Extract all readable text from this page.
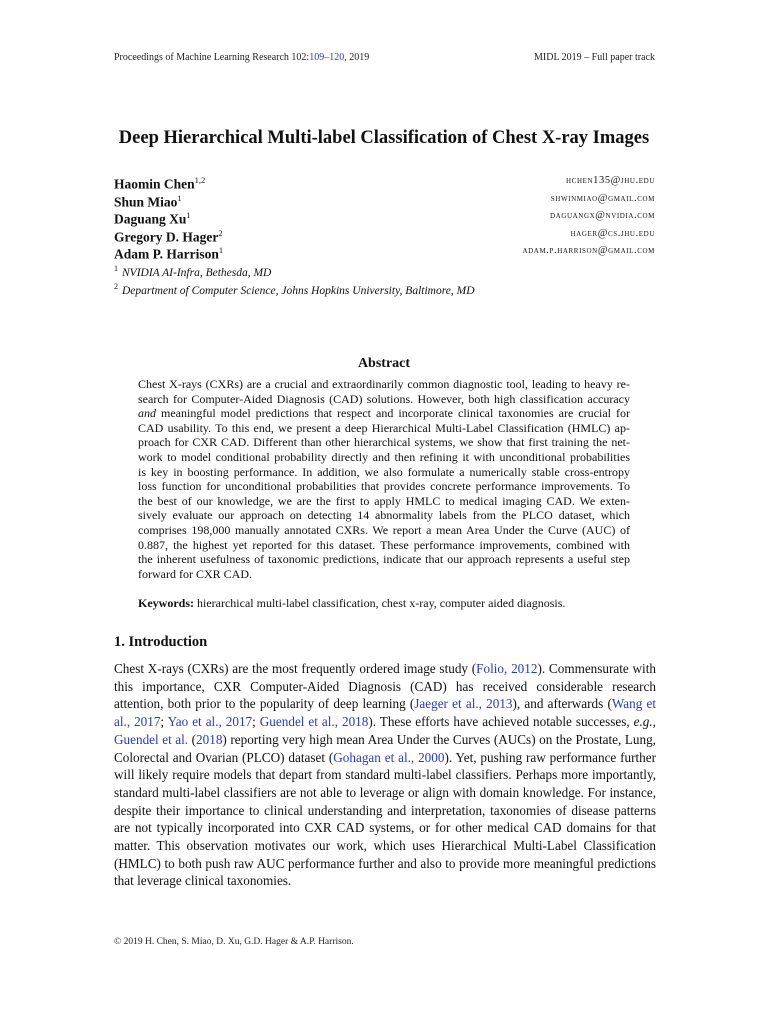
Proceedings of Machine Learning Research 102:109–120, 2019	MIDL 2019 – Full paper track
Deep Hierarchical Multi-label Classification of Chest X-ray Images
Haomin Chen$^{1,2}$	hchen135@jhu.edu
Shun Miao$^1$	shwinmiao@gmail.com
Daguang Xu$^1$	daguangx@nvidia.com
Gregory D. Hager$^2$	hager@cs.jhu.edu
Adam P. Harrison$^1$	adam.p.harrison@gmail.com
$^1$ NVIDIA AI-Infra, Bethesda, MD
$^2$ Department of Computer Science, Johns Hopkins University, Baltimore, MD
Abstract
Chest X-rays (CXRs) are a crucial and extraordinarily common diagnostic tool, leading to heavy re-
search for Computer-Aided Diagnosis (CAD) solutions. However, both high classification accuracy
and meaningful model predictions that respect and incorporate clinical taxonomies are crucial for
CAD usability. To this end, we present a deep Hierarchical Multi-Label Classification (HMLC) ap-
proach for CXR CAD. Different than other hierarchical systems, we show that first training the net-
work to model conditional probability directly and then refining it with unconditional probabilities
is key in boosting performance. In addition, we also formulate a numerically stable cross-entropy
loss function for unconditional probabilities that provides concrete performance improvements. To
the best of our knowledge, we are the first to apply HMLC to medical imaging CAD. We exten-
sively evaluate our approach on detecting 14 abnormality labels from the PLCO dataset, which
comprises 198,000 manually annotated CXRs. We report a mean Area Under the Curve (AUC) of
0.887, the highest yet reported for this dataset. These performance improvements, combined with
the inherent usefulness of taxonomic predictions, indicate that our approach represents a useful step
forward for CXR CAD.
Keywords: hierarchical multi-label classification, chest x-ray, computer aided diagnosis.
1. Introduction
Chest X-rays (CXRs) are the most frequently ordered image study (Folio, 2012). Commensurate with this importance, CXR Computer-Aided Diagnosis (CAD) has received considerable research attention, both prior to the popularity of deep learning (Jaeger et al., 2013), and afterwards (Wang et al., 2017; Yao et al., 2017; Guendel et al., 2018). These efforts have achieved notable successes, e.g., Guendel et al. (2018) reporting very high mean Area Under the Curves (AUCs) on the Prostate, Lung, Colorectal and Ovarian (PLCO) dataset (Gohagan et al., 2000). Yet, pushing raw performance further will likely require models that depart from standard multi-label classifiers. Perhaps more importantly, standard multi-label classifiers are not able to leverage or align with domain knowledge. For instance, despite their importance to clinical understanding and interpretation, taxonomies of disease patterns are not typically incorporated into CXR CAD systems, or for other medical CAD domains for that matter. This observation motivates our work, which uses Hierarchical Multi-Label Classification (HMLC) to both push raw AUC performance further and also to provide more meaningful predictions that leverage clinical taxonomies.
© 2019 H. Chen, S. Miao, D. Xu, G.D. Hager & A.P. Harrison.
